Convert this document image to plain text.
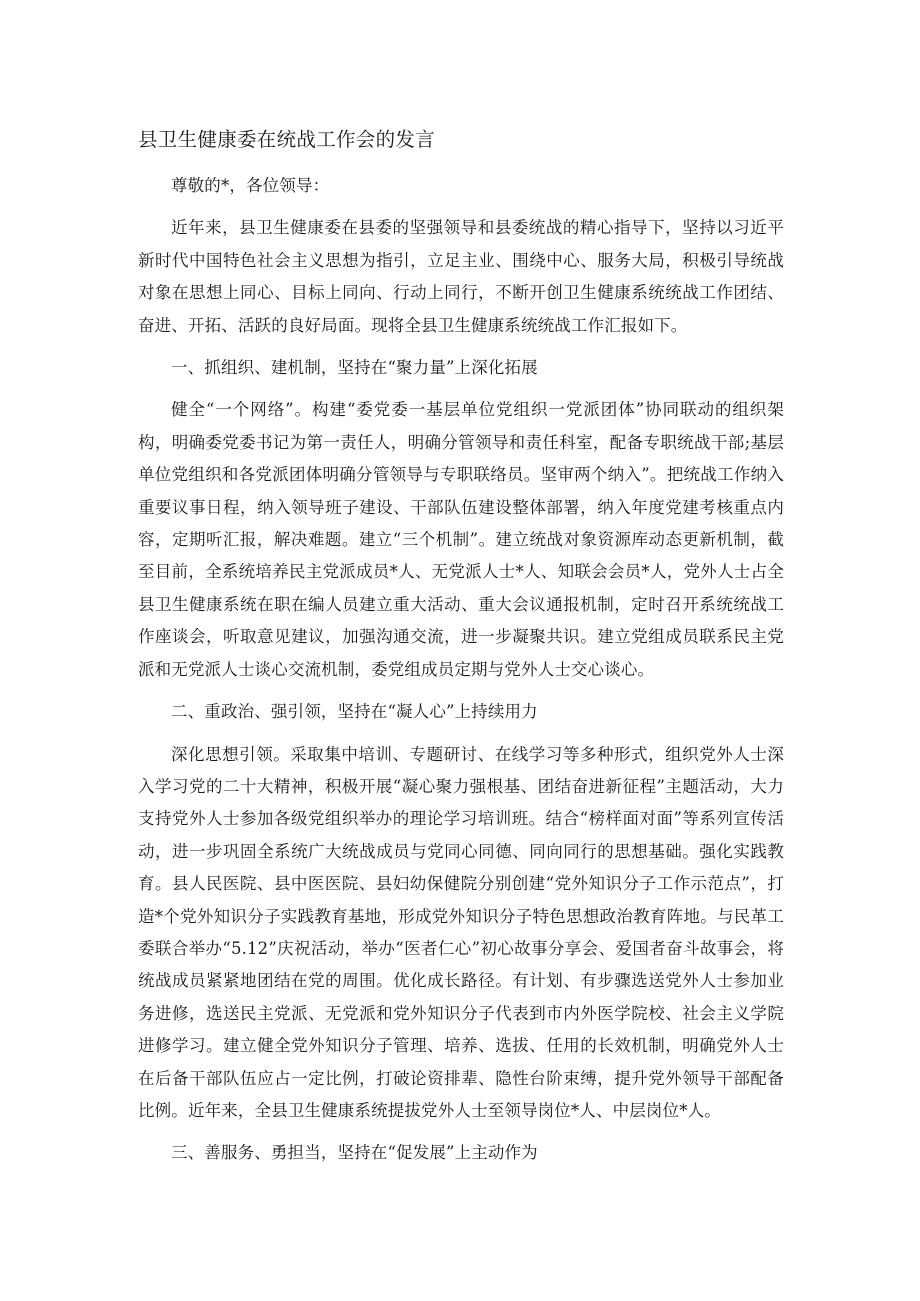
县卫生健康委在统战工作会的发言

尊敬的*，各位领导：

近年来，县卫生健康委在县委的坚强领导和县委统战的精心指导下，坚持以习近平新时代中国特色社会主义思想为指引，立足主业、围绕中心、服务大局，积极引导统战对象在思想上同心、目标上同向、行动上同行，不断开创卫生健康系统统战工作团结、奋进、开拓、活跃的良好局面。现将全县卫生健康系统统战工作汇报如下。

一、抓组织、建机制，坚持在“聚力量”上深化拓展

健全“一个网络”。构建“委党委一基层单位党组织一党派团体”协同联动的组织架构，明确委党委书记为第一责任人，明确分管领导和责任科室，配备专职统战干部;基层单位党组织和各党派团体明确分管领导与专职联络员。坚审两个纳入”。把统战工作纳入重要议事日程，纳入领导班子建设、干部队伍建设整体部署，纳入年度党建考核重点内容，定期听汇报，解决难题。建立“三个机制”。建立统战对象资源库动态更新机制，截至目前，全系统培养民主党派成员*人、无党派人士*人、知联会会员*人，党外人士占全县卫生健康系统在职在编人员建立重大活动、重大会议通报机制，定时召开系统统战工作座谈会，听取意见建议，加强沟通交流，进一步凝聚共识。建立党组成员联系民主党派和无党派人士谈心交流机制，委党组成员定期与党外人士交心谈心。

二、重政治、强引领，坚持在“凝人心”上持续用力

深化思想引领。采取集中培训、专题研讨、在线学习等多种形式，组织党外人士深入学习党的二十大精神，积极开展“凝心聚力强根基、团结奋进新征程”主题活动，大力支持党外人士参加各级党组织举办的理论学习培训班。结合“榜样面对面”等系列宣传活动，进一步巩固全系统广大统战成员与党同心同德、同向同行的思想基础。强化实践教育。县人民医院、县中医医院、县妇幼保健院分别创建“党外知识分子工作示范点”，打造*个党外知识分子实践教育基地，形成党外知识分子特色思想政治教育阵地。与民革工委联合举办“5.12”庆祝活动，举办“医者仁心”初心故事分享会、爱国者奋斗故事会，将统战成员紧紧地团结在党的周围。优化成长路径。有计划、有步骤选送党外人士参加业务进修，选送民主党派、无党派和党外知识分子代表到市内外医学院校、社会主义学院进修学习。建立健全党外知识分子管理、培养、选拔、任用的长效机制，明确党外人士在后备干部队伍应占一定比例，打破论资排辈、隐性台阶束缚，提升党外领导干部配备比例。近年来，全县卫生健康系统提拔党外人士至领导岗位*人、中层岗位*人。

三、善服务、勇担当，坚持在“促发展”上主动作为
